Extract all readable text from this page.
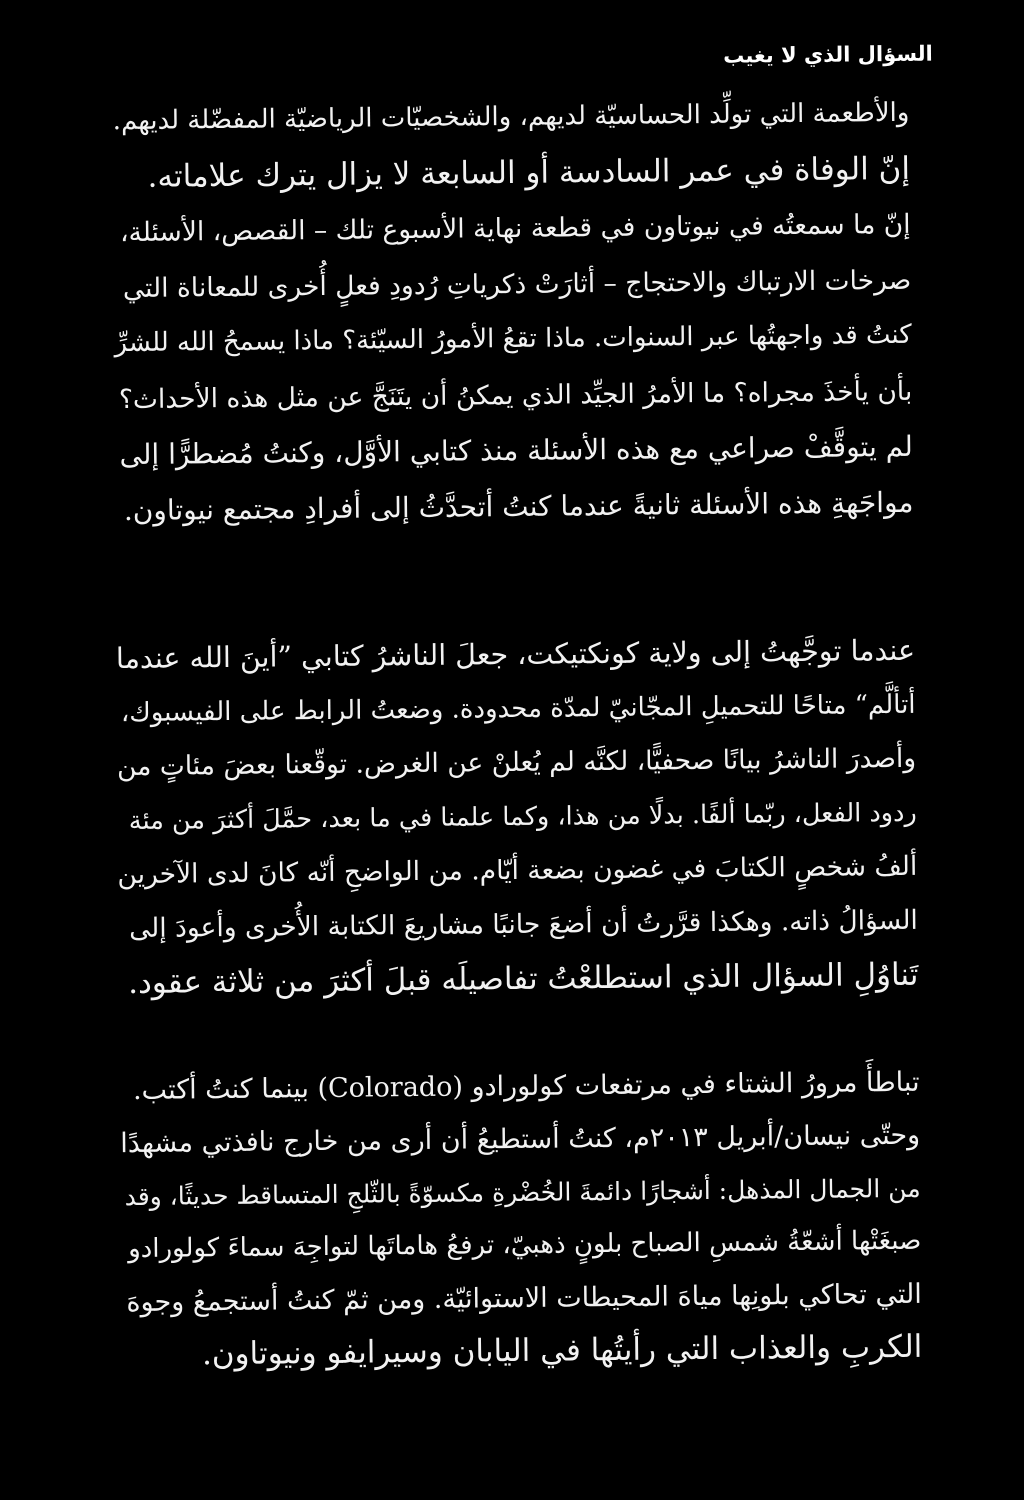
السؤال الذي لا يغيب
والأطعمة التي تولِّد الحساسيّة لديهم، والشخصيّات الرياضيّة المفضّلة لديهم.
إنّ الوفاة في عمر السادسة أو السابعة لا يزال يترك علاماته.
إنّ ما سمعتُه في نيوتاون في قطعة نهاية الأسبوع تلك – القصص، الأسئلة،
صرخات الارتباك والاحتجاج – أثارَتْ ذكرياتِ رُدودِ فعلٍ أُخرى للمعاناة التي
كنتُ قد واجهتُها عبر السنوات. ماذا تقعُ الأمورُ السيّئة؟ ماذا يسمحُ الله للشرِّ
بأن يأخذَ مجراه؟ ما الأمرُ الجيِّد الذي يمكنُ أن يتَنَجَّ عن مثل هذه الأحداث؟
لم يتوقَّفْ صراعي مع هذه الأسئلة منذ كتابي الأوَّل، وكنتُ مُضطرًّا إلى
مواجَهةِ هذه الأسئلة ثانيةً عندما كنتُ أتحدَّثُ إلى أفرادِ مجتمع نيوتاون.
عندما توجَّهتُ إلى ولاية كونكتيكت، جعلَ الناشرُ كتابي ”أينَ الله عندما
أتألَّم“ متاحًا للتحميلِ المجّانيّ لمدّة محدودة. وضعتُ الرابط على الفيسبوك،
وأصدرَ الناشرُ بيانًا صحفيًّا، لكنَّه لم يُعلنْ عن الغرض. توقّعنا بعضَ مئاتٍ من
ردود الفعل، ربّما ألفًا. بدلًا من هذا، وكما علمنا في ما بعد، حمَّلَ أكثرَ من مئة
ألفُ شخصٍ الكتابَ في غضون بضعة أيّام. من الواضحِ أنّه كانَ لدى الآخرين
السؤالُ ذاته. وهكذا قرَّرتُ أن أضعَ جانبًا مشاريعَ الكتابة الأُخرى وأعودَ إلى
تَناوُلِ السؤال الذي استطلعْتُ تفاصيلَه قبلَ أكثرَ من ثلاثة عقود.
تباطأَ مرورُ الشتاء في مرتفعات كولورادو (Colorado) بينما كنتُ أكتب.
وحتّى نيسان/أبريل ٢٠١٣م، كنتُ أستطيعُ أن أرى من خارج نافذتي مشهدًا
من الجمال المذهل: أشجارًا دائمةَ الخُضْرةِ مكسوّةً بالثّلجِ المتساقط حديثًا، وقد
صبغَتْها أشعّةُ شمسِ الصباح بلونٍ ذهبيّ، ترفعُ هاماتَها لتواجِهَ سماءَ كولورادو
التي تحاكي بلونِها مياهَ المحيطات الاستوائيّة. ومن ثمّ كنتُ أستجمعُ وجوهَ
الكربِ والعذاب التي رأيتُها في اليابان وسيرايفو ونيوتاون.
